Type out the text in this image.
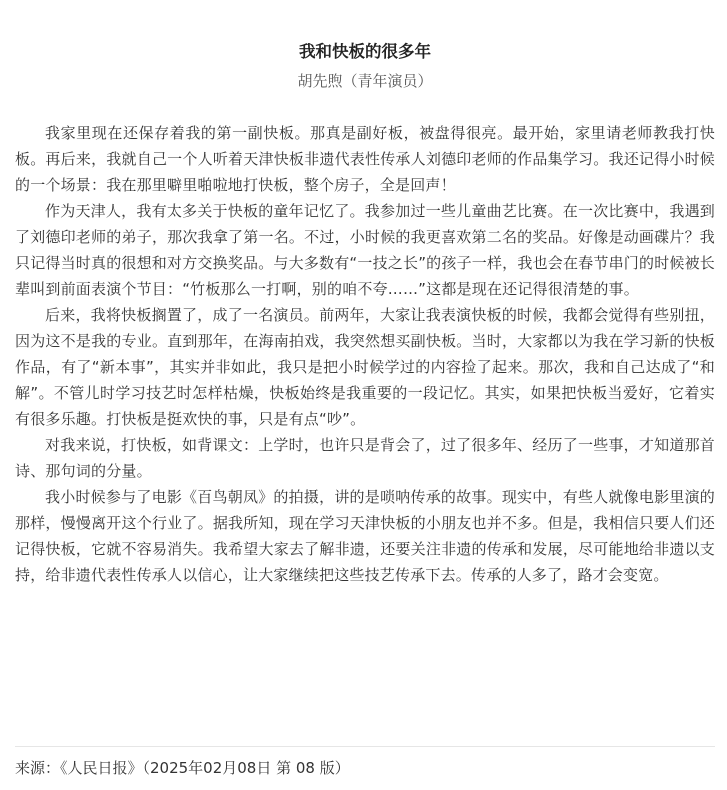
我和快板的很多年
胡先煦（青年演员）

我家里现在还保存着我的第一副快板。那真是副好板，被盘得很亮。最开始，家里请老师教我打快板。再后来，我就自己一个人听着天津快板非遗代表性传承人刘德印老师的作品集学习。我还记得小时候的一个场景：我在那里噼里啪啦地打快板，整个房子，全是回声！

作为天津人，我有太多关于快板的童年记忆了。我参加过一些儿童曲艺比赛。在一次比赛中，我遇到了刘德印老师的弟子，那次我拿了第一名。不过，小时候的我更喜欢第二名的奖品。好像是动画碟片？我只记得当时真的很想和对方交换奖品。与大多数有“一技之长”的孩子一样，我也会在春节串门的时候被长辈叫到前面表演个节目：“竹板那么一打啊，别的咱不夸……”这都是现在还记得很清楚的事。

后来，我将快板搁置了，成了一名演员。前两年，大家让我表演快板的时候，我都会觉得有些别扭，因为这不是我的专业。直到那年，在海南拍戏，我突然想买副快板。当时，大家都以为我在学习新的快板作品，有了“新本事”，其实并非如此，我只是把小时候学过的内容捡了起来。那次，我和自己达成了“和解”。不管儿时学习技艺时怎样枯燥，快板始终是我重要的一段记忆。其实，如果把快板当爱好，它着实有很多乐趣。打快板是挺欢快的事，只是有点“吵”。

对我来说，打快板，如背课文：上学时，也许只是背会了，过了很多年、经历了一些事，才知道那首诗、那句词的分量。

我小时候参与了电影《百鸟朝凤》的拍摄，讲的是唢呐传承的故事。现实中，有些人就像电影里演的那样，慢慢离开这个行业了。据我所知，现在学习天津快板的小朋友也并不多。但是，我相信只要人们还记得快板，它就不容易消失。我希望大家去了解非遗，还要关注非遗的传承和发展，尽可能地给非遗以支持，给非遗代表性传承人以信心，让大家继续把这些技艺传承下去。传承的人多了，路才会变宽。

来源：《人民日报》（2025年02月08日 第 08 版）
